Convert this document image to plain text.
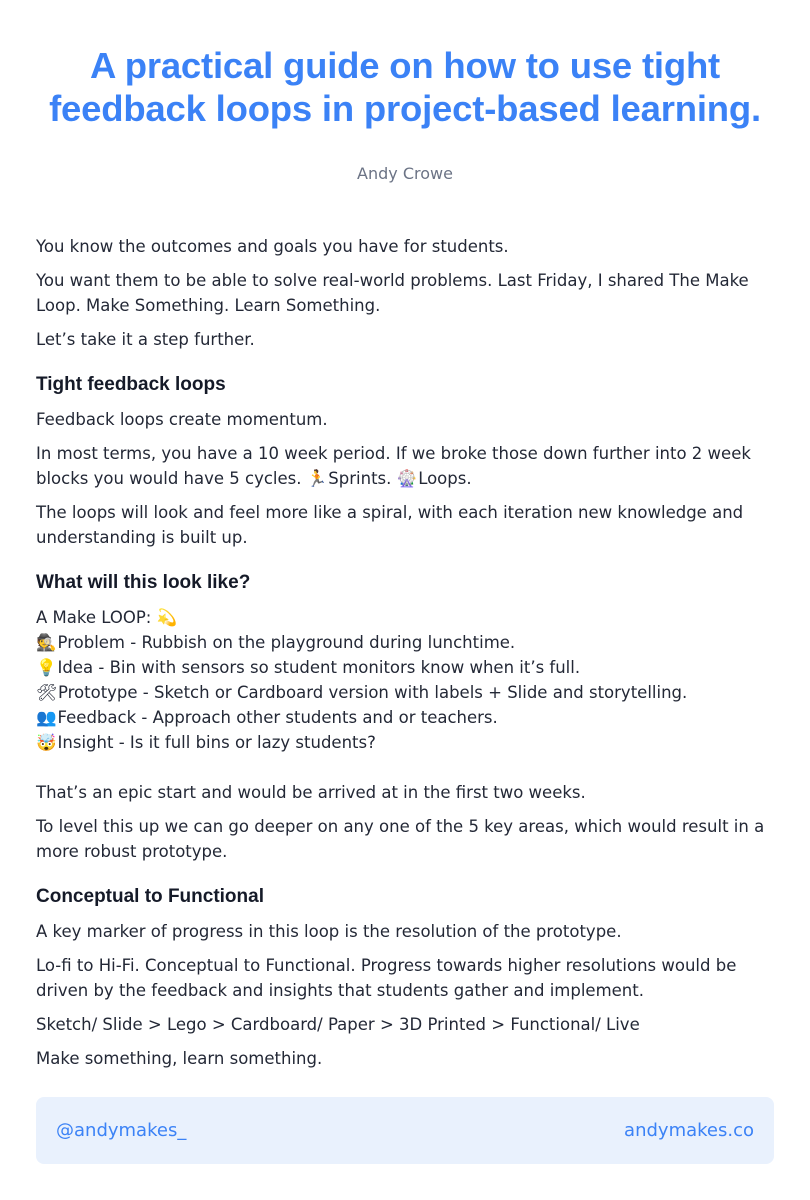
A practical guide on how to use tight feedback loops in project-based learning.
Andy Crowe

You know the outcomes and goals you have for students.

You want them to be able to solve real-world problems. Last Friday, I shared The Make Loop. Make Something. Learn Something.

Let’s take it a step further.

Tight feedback loops

Feedback loops create momentum.

In most terms, you have a 10 week period. If we broke those down further into 2 week blocks you would have 5 cycles. 🏃Sprints. 🎡Loops.

The loops will look and feel more like a spiral, with each iteration new knowledge and understanding is built up.

What will this look like?
A Make LOOP: 💫
🕵Problem - Rubbish on the playground during lunchtime.
💡Idea - Bin with sensors so student monitors know when it’s full.
🛠Prototype - Sketch or Cardboard version with labels + Slide and storytelling.
👥Feedback - Approach other students and or teachers.
🤯Insight - Is it full bins or lazy students?

That’s an epic start and would be arrived at in the first two weeks.

To level this up we can go deeper on any one of the 5 key areas, which would result in a more robust prototype.

Conceptual to Functional

A key marker of progress in this loop is the resolution of the prototype.

Lo-fi to Hi-Fi. Conceptual to Functional. Progress towards higher resolutions would be driven by the feedback and insights that students gather and implement.

Sketch/ Slide > Lego > Cardboard/ Paper > 3D Printed > Functional/ Live

Make something, learn something.

@andymakes_	andymakes.co
